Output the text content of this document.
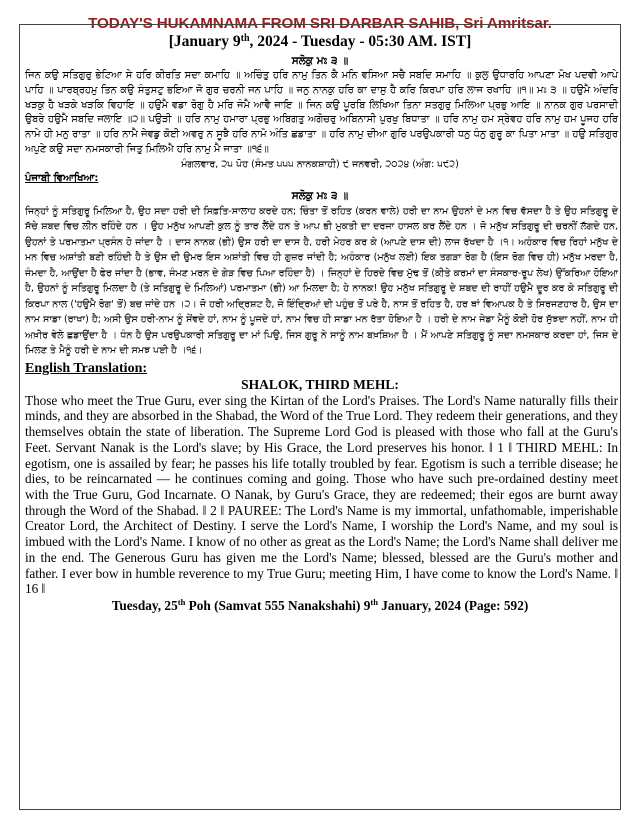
TODAY'S HUKAMNAMA FROM SRI DARBAR SAHIB, Sri Amritsar.
[January 9th, 2024 - Tuesday - 05:30 AM. IST]
ਸਲੋਕੁ ਮਃ ੩ ॥

ਜਿਨ ਕਉ ਸਤਿਗੁਰੁ ਭੇਟਿਆ ਸੇ ਹਰਿ ਕੀਰਤਿ ਸਦਾ ਕਮਾਹਿ ॥ ਅਚਿੰਤੁ ਹਰਿ ਨਾਮੁ ਤਿਨ ਕੈ ਮਨਿ ਵਸਿਆ ਸਚੈ ਸਬਦਿ ਸਮਾਹਿ ॥ ਕੁਲੁ ਉਧਾਰਹਿ ਆਪਣਾ ਮੋਖ ਪਦਵੀ ਆਪੇ ਪਾਹਿ ॥ ਪਾਰਬ੍ਰਹਮੁ ਤਿਨ ਕਉ ਸੰਤੁਸਟੁ ਭਇਆ ਜੋ ਗੁਰ ਚਰਨੀ ਜਨ ਪਾਹਿ ॥ ਜਨੁ ਨਾਨਕੁ ਹਰਿ ਕਾ ਦਾਸੁ ਹੈ ਕਰਿ ਕਿਰਪਾ ਹਰਿ ਲਾਜ ਰਖਾਹਿ ॥੧॥ ਮਃ ੩ ॥ ਹਉਮੈ ਅੰਦਰਿ ਖੜਕੁ ਹੈ ਖੜਕੇ ਖੜਕਿ ਵਿਹਾਇ ॥ ਹਉਮੈ ਵਡਾ ਰੋਗੁ ਹੈ ਮਰਿ ਜੰਮੈ ਆਵੈ ਜਾਇ ॥ ਜਿਨ ਕਉ ਪੂਰਬਿ ਲਿਖਿਆ ਤਿਨਾ ਸਤਗੁਰੁ ਮਿਲਿਆ ਪ੍ਰਭੁ ਆਇ ॥ ਨਾਨਕ ਗੁਰ ਪਰਸਾਦੀ ਉਬਰੇ ਹਉਮੈ ਸਬਦਿ ਜਲਾਇ ॥੨॥ ਪਉੜੀ ॥ ਹਰਿ ਨਾਮੁ ਹਮਾਰਾ ਪ੍ਰਭੁ ਅਬਿਗਤੁ ਅਗੋਚਰੁ ਅਬਿਨਾਸੀ ਪੁਰਖੁ ਬਿਧਾਤਾ ॥ ਹਰਿ ਨਾਮੁ ਹਮ ਸ੍ਰੇਵਹ ਹਰਿ ਨਾਮੁ ਹਮ ਪੂਜਹ ਹਰਿ ਨਾਮੇ ਹੀ ਮਨੁ ਰਾਤਾ ॥ ਹਰਿ ਨਾਮੈ ਜੇਵਡੁ ਕੋਈ ਅਵਰੁ ਨ ਸੂਝੈ ਹਰਿ ਨਾਮੋ ਅੰਤਿ ਛਡਾਤਾ ॥ ਹਰਿ ਨਾਮੁ ਦੀਆ ਗੁਰਿ ਪਰਉਪਕਾਰੀ ਧਨੁ ਧੰਨੁ ਗੁਰੂ ਕਾ ਪਿਤਾ ਮਾਤਾ ॥ ਹਉ ਸਤਿਗੁਰ ਅਪੁਣੇ ਕਉ ਸਦਾ ਨਮਸਕਾਰੀ ਜਿਤੁ ਮਿਲਿਐ ਹਰਿ ਨਾਮੁ ਮੈ ਜਾਤਾ ॥੧੬॥

ਮੰਗਲਵਾਰ, ੨੫ ਪੋਹ (ਸੰਮਤ ੫੫੫ ਨਾਨਕਸ਼ਾਹੀ) ੯ ਜਨਵਰੀ, ੨੦੨੪ (ਅੰਗ: ੫੯੨)
ਪੰਜਾਬੀ ਵਿਆਖਿਆ:
ਸਲੋਕੁ ਮਃ ੩ ॥

ਜਿਨ੍ਹਾਂ ਨੂੰ ਸਤਿਗੁਰੂ ਮਿਲਿਆ ਹੈ, ਉਹ ਸਦਾ ਹਰੀ ਦੀ ਸਿਫ਼ਤਿ-ਸਾਲਾਹ ਕਰਦੇ ਹਨ; ਚਿੰਤਾ ਤੋਂ ਰਹਿਤ (ਕਰਨ ਵਾਲੇ) ਹਰੀ ਦਾ ਨਾਮ ਉਹਨਾਂ ਦੇ ਮਨ ਵਿਚ ਵੱਸਦਾ ਹੈ ਤੇ ਉਹ ਸਤਿਗੁਰੂ ਦੇ ਸੱਚੇ ਸ਼ਬਦ ਵਿਚ ਲੀਨ ਰਹਿੰਦੇ ਹਨ । ਉਹ ਮਨੁੱਖ ਆਪਣੀ ਕੁਲ ਨੂੰ ਤਾਰ ਲੈਂਦੇ ਹਨ ਤੇ ਆਪ ਭੀ ਮੁਕਤੀ ਦਾ ਦਰਜਾ ਹਾਸਲ ਕਰ ਲੈਂਦੇ ਹਨ । ਜੋ ਮਨੁੱਖ ਸਤਿਗੁਰੂ ਦੀ ਚਰਨੀਂ ਲੱਗਦੇ ਹਨ, ਉਹਨਾਂ ਤੇ ਪਰਮਾਤਮਾ ਪ੍ਰਸੰਨ ਹੋ ਜਾਂਦਾ ਹੈ । ਦਾਸ ਨਾਨਕ (ਭੀ) ਉਸ ਹਰੀ ਦਾ ਦਾਸ ਹੈ, ਹਰੀ ਮੇਹਰ ਕਰ ਕੇ (ਆਪਣੇ ਦਾਸ ਦੀ) ਲਾਜ ਰੱਖਦਾ ਹੈ ।੧। ਅਹੰਕਾਰ ਵਿਚ ਰਿਹਾਂ ਮਨੁੱਖ ਦੇ ਮਨ ਵਿਚ ਅਸ਼ਾਂਤੀ ਬਣੀ ਰਹਿੰਦੀ ਹੈ ਤੇ ਉਸ ਦੀ ਉਮਰ ਇਸ ਅਸ਼ਾਂਤੀ ਵਿਚ ਹੀ ਗੁਜ਼ਰ ਜਾਂਦੀ ਹੈ; ਅਹੰਕਾਰ (ਮਨੁੱਖ ਲਈ) ਇਕ ਤਗੜਾ ਰੋਗ ਹੈ (ਇਸ ਰੋਗ ਵਿਚ ਹੀ) ਮਨੁੱਖ ਮਰਦਾ ਹੈ, ਜੰਮਦਾ ਹੈ, ਆਉਂਦਾ ਹੈ ਫੇਰ ਜਾਂਦਾ ਹੈ (ਭਾਵ, ਜੰਮਣ ਮਰਨ ਦੇ ਗੇੜ ਵਿਚ ਪਿਆ ਰਹਿੰਦਾ ਹੈ) । ਜਿਨ੍ਹਾਂ ਦੇ ਹਿਰਦੇ ਵਿਚ ਮੁੱਢ ਤੋਂ (ਕੀਤੇ ਕਰਮਾਂ ਦਾ ਸੰਸਕਾਰ-ਰੂਪ ਲੇਖ) ਉੱਕਰਿਆ ਹੋਇਆ ਹੈ, ਉਹਨਾਂ ਨੂੰ ਸਤਿਗੁਰੂ ਮਿਲਦਾ ਹੈ (ਤੇ ਸਤਿਗੁਰੂ ਦੇ ਮਿਲਿਆਂ) ਪਰਮਾਤਮਾ (ਭੀ) ਆ ਮਿਲਦਾ ਹੈ; ਹੇ ਨਾਨਕ! ਉਹ ਮਨੁੱਖ ਸਤਿਗੁਰੂ ਦੇ ਸ਼ਬਦ ਦੀ ਰਾਹੀਂ ਹਉਮੈ ਦੂਰ ਕਰ ਕੇ ਸਤਿਗੁਰੂ ਦੀ ਕਿਰਪਾ ਨਾਲ ('ਹਉਮੈ ਰੋਗ' ਤੋਂ) ਬਚ ਜਾਂਦੇ ਹਨ ।੨। ਜੋ ਹਰੀ ਅਦ੍ਰਿਸ਼ਟ ਹੈ, ਜੋ ਇੰਦ੍ਰਿਆਂ ਦੀ ਪਹੁੰਚ ਤੋਂ ਪਰੇ ਹੈ, ਨਾਸ ਤੋਂ ਰਹਿਤ ਹੈ, ਹਰ ਥਾਂ ਵਿਆਪਕ ਹੈ ਤੇ ਸਿਰਜਣਹਾਰ ਹੈ, ਉਸ ਦਾ ਨਾਮ ਸਾਡਾ (ਰਾਖਾ) ਹੈ; ਅਸੀ ਉਸ ਹਰੀ-ਨਾਮ ਨੂੰ ਸੇਂਵਦੇ ਹਾਂ, ਨਾਮ ਨੂੰ ਪੂਜਦੇ ਹਾਂ, ਨਾਮ ਵਿਚ ਹੀ ਸਾਡਾ ਮਨ ਰੱਤਾ ਹੋਇਆ ਹੈ । ਹਰੀ ਦੇ ਨਾਮ ਜੇਡਾ ਮੈਨੂੰ ਕੋਈ ਹੋਰ ਸੁੱਝਦਾ ਨਹੀਂ, ਨਾਮ ਹੀ ਅਖ਼ੀਰ ਵੇਲੇ ਛਡਾਉਂਦਾ ਹੈ । ਧੰਨ ਹੈ ਉਸ ਪਰਉਪਕਾਰੀ ਸਤਿਗੁਰੂ ਦਾ ਮਾਂ ਪਿਉ, ਜਿਸ ਗੁਰੂ ਨੇ ਸਾਨੂੰ ਨਾਮ ਬਖ਼ਸ਼ਿਆ ਹੈ । ਮੈਂ ਆਪਣੇ ਸਤਿਗੁਰੂ ਨੂੰ ਸਦਾ ਨਮਸਕਾਰ ਕਰਦਾ ਹਾਂ, ਜਿਸ ਦੇ ਮਿਲਣ ਤੇ ਮੈਨੂੰ ਹਰੀ ਦੇ ਨਾਮ ਦੀ ਸਮਝ ਪਈ ਹੈ ।੧੬।

English Translation:
SHALOK, THIRD MEHL:

Those who meet the True Guru, ever sing the Kirtan of the Lord's Praises. The Lord's Name naturally fills their minds, and they are absorbed in the Shabad, the Word of the True Lord. They redeem their generations, and they themselves obtain the state of liberation. The Supreme Lord God is pleased with those who fall at the Guru's Feet. Servant Nanak is the Lord's slave; by His Grace, the Lord preserves his honor. ‖ 1 ‖ THIRD MEHL: In egotism, one is assailed by fear; he passes his life totally troubled by fear. Egotism is such a terrible disease; he dies, to be reincarnated — he continues coming and going. Those who have such pre-ordained destiny meet with the True Guru, God Incarnate. O Nanak, by Guru's Grace, they are redeemed; their egos are burnt away through the Word of the Shabad. ‖ 2 ‖ PAUREE: The Lord's Name is my immortal, unfathomable, imperishable Creator Lord, the Architect of Destiny. I serve the Lord's Name, I worship the Lord's Name, and my soul is imbued with the Lord's Name. I know of no other as great as the Lord's Name; the Lord's Name shall deliver me in the end. The Generous Guru has given me the Lord's Name; blessed, blessed are the Guru's mother and father. I ever bow in humble reverence to my True Guru; meeting Him, I have come to know the Lord's Name. ‖ 16 ‖

Tuesday, 25th Poh (Samvat 555 Nanakshahi) 9th January, 2024 (Page: 592)
